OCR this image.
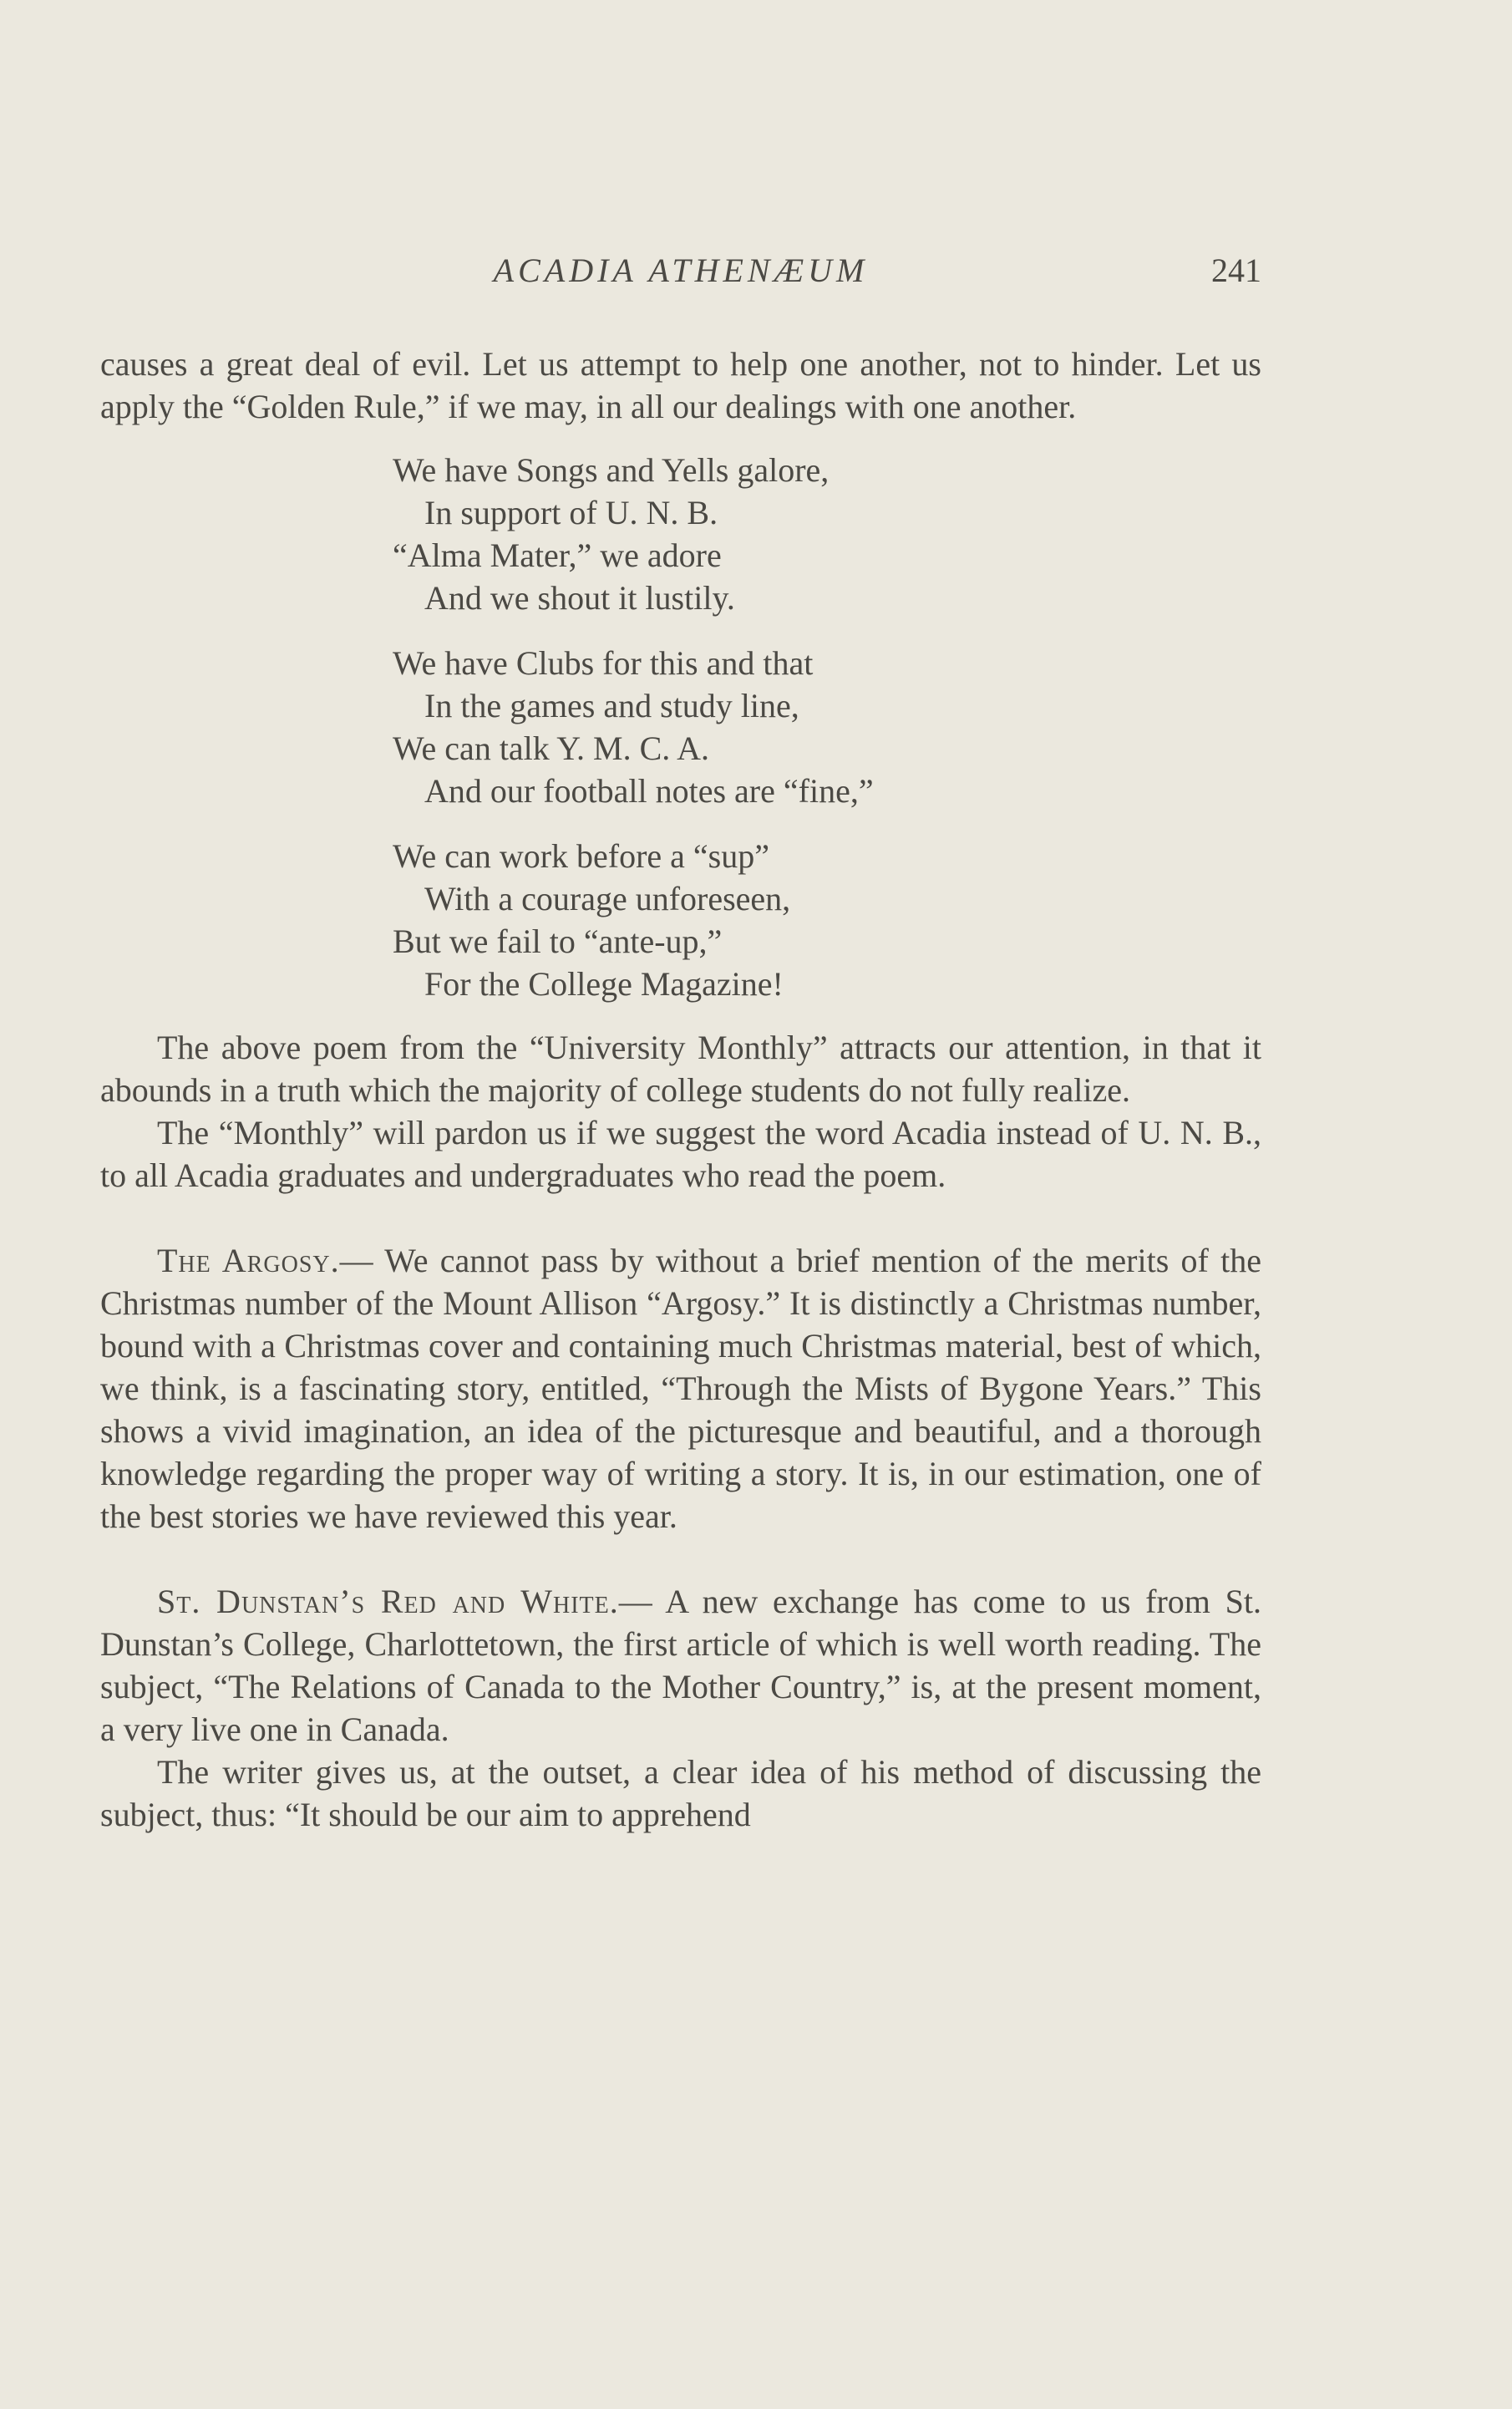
ACADIA ATHENÆUM	241

causes a great deal of evil. Let us attempt to help one another, not to hinder. Let us apply the “Golden Rule,” if we may, in all our dealings with one another.

We have Songs and Yells galore,
In support of U. N. B.
“Alma Mater,” we adore
And we shout it lustily.
We have Clubs for this and that
In the games and study line,
We can talk Y. M. C. A.
And our football notes are “fine,”
We can work before a “sup”
With a courage unforeseen,
But we fail to “ante-up,”
For the College Magazine!

The above poem from the “University Monthly” attracts our attention, in that it abounds in a truth which the majority of college students do not fully realize.

The “Monthly” will pardon us if we suggest the word Acadia instead of U. N. B., to all Acadia graduates and undergraduates who read the poem.

The Argosy.— We cannot pass by without a brief mention of the merits of the Christmas number of the Mount Allison “Argosy.” It is distinctly a Christmas number, bound with a Christmas cover and containing much Christmas material, best of which, we think, is a fascinating story, entitled, “Through the Mists of Bygone Years.” This shows a vivid imagination, an idea of the picturesque and beautiful, and a thorough knowledge regarding the proper way of writing a story. It is, in our estimation, one of the best stories we have reviewed this year.

St. Dunstan’s Red and White.— A new exchange has come to us from St. Dunstan’s College, Charlottetown, the first article of which is well worth reading. The subject, “The Relations of Canada to the Mother Country,” is, at the present moment, a very live one in Canada.

The writer gives us, at the outset, a clear idea of his method of discussing the subject, thus: “It should be our aim to apprehend
